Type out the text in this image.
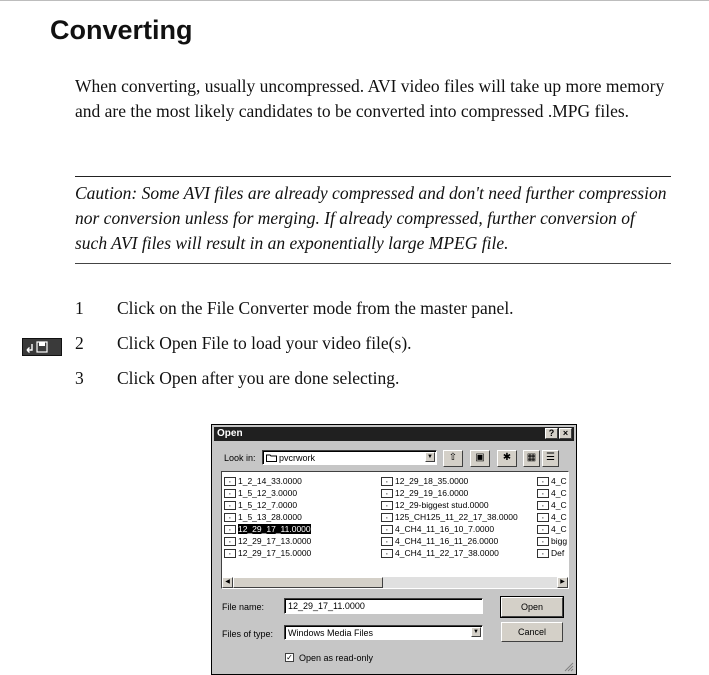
Converting

When converting, usually uncompressed. AVI video files will take up more memory and are the most likely candidates to be converted into compressed .MPG files.

Caution: Some AVI files are already compressed and don't need further compression nor conversion unless for merging. If already compressed, further conversion of such AVI files will result in an exponentially large MPEG file.

1 Click on the File Converter mode from the master panel.
2 Click Open File to load your video file(s).
3 Click Open after you are done selecting.
Open	? ×
Look in:	pvcrwork	▼	⇧	▣	✱	▦ ☰
▪ 1_2_14_33.0000
▪ 1_5_12_3.0000
▪ 1_5_12_7.0000
▪ 1_5_13_28.0000
▪ 12_29_17_11.0000
▪ 12_29_17_13.0000
▪ 12_29_17_15.0000
▪ 12_29_18_35.0000
▪ 12_29_19_16.0000
▪ 12_29-biggest stud.0000
▪ 125_CH125_11_22_17_38.0000
▪ 4_CH4_11_16_10_7.0000
▪ 4_CH4_11_16_11_26.0000
▪ 4_CH4_11_22_17_38.0000
▪ 4_C
▪ 4_C
▪ 4_C
▪ 4_C
▪ 4_C
▪ bigg
▪ Def
◀	▶
File name:	12_29_17_11.0000	Open
Files of type: Windows Media Files	▼	Cancel
✓ Open as read-only
